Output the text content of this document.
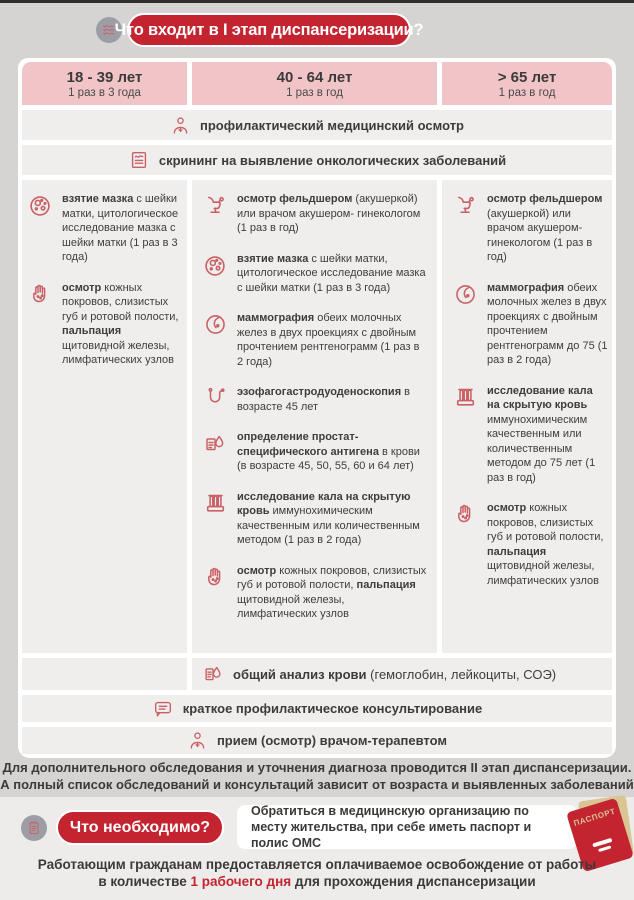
Что входит в I этап диспансеризации?
18 - 39 лет
1 раз в 3 года
40 - 64 лет
1 раз в год
> 65 лет
1 раз в год
профилактический медицинский осмотр
скрининг на выявление онкологических заболеваний
взятие мазка с шейки матки, цитологическое исследование мазка с шейки матки (1 раз в 3 года)
осмотр кожных покровов, слизистых губ и ротовой полости, пальпация щитовидной железы, лимфатических узлов
осмотр фельдшером (акушеркой) или врачом акушером- гинекологом (1 раз в год)
взятие мазка с шейки матки, цитологическое исследование мазка с шейки матки (1 раз в 3 года)
маммография обеих молочных желез в двух проекциях с двойным прочтением рентгенограмм (1 раз в 2 года)
эзофагогастродуоденоскопия в возрасте 45 лет
определение простат-специфического антигена в крови (в возрасте 45, 50, 55, 60 и 64 лет)
исследование кала на скрытую кровь иммунохимическим качественным или количественным методом (1 раз в 2 года)
осмотр кожных покровов, слизистых губ и ротовой полости, пальпация щитовидной железы, лимфатических узлов
осмотр фельдшером (акушеркой) или врачом акушером-гинекологом (1 раз в год)
маммография обеих молочных желез в двух проекциях с двойным прочтением рентгенограмм до 75 (1 раз в 2 года)
исследование кала на скрытую кровь иммунохимическим качественным или количественным методом до 75 лет (1 раз в год)
осмотр кожных покровов, слизистых губ и ротовой полости, пальпация щитовидной железы, лимфатических узлов
общий анализ крови (гемоглобин, лейкоциты, СОЭ)
краткое профилактическое консультирование
прием (осмотр) врачом-терапевтом
Для дополнительного обследования и уточнения диагноза проводится II этап диспансеризации.
А полный список обследований и консультаций зависит от возраста и выявленных заболеваний
Что необходимо?
Обратиться в медицинскую организацию по месту жительства, при себе иметь паспорт и полис ОМС
ПАСПОРТ
Работающим гражданам предоставляется оплачиваемое освобождение от работы
в количестве 1 рабочего дня для прохождения диспансеризации
